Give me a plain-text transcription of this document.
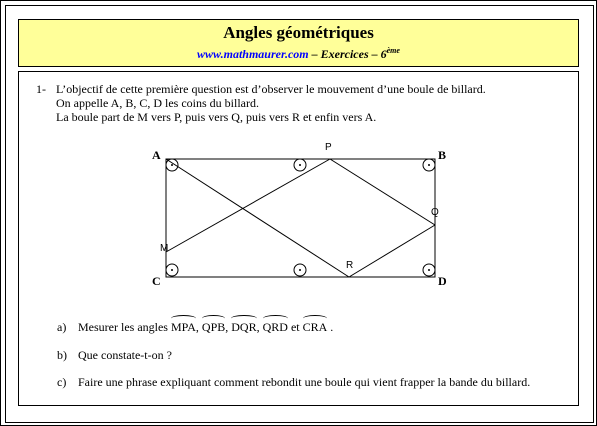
Angles géométriques
www.mathmaurer.com – Exercices – 6ème
1- L’objectif de cette première question est d’observer le mouvement d’une boule de billard.
On appelle A, B, C, D les coins du billard.
La boule part de M vers P, puis vers Q, puis vers R et enfin vers A.
A	B
C	D
P
Q
R
M
a) Mesurer les angles MPA, QPB, DQR, QRD et CRA .
b) Que constate-t-on ?
c) Faire une phrase expliquant comment rebondit une boule qui vient frapper la bande du billard.
